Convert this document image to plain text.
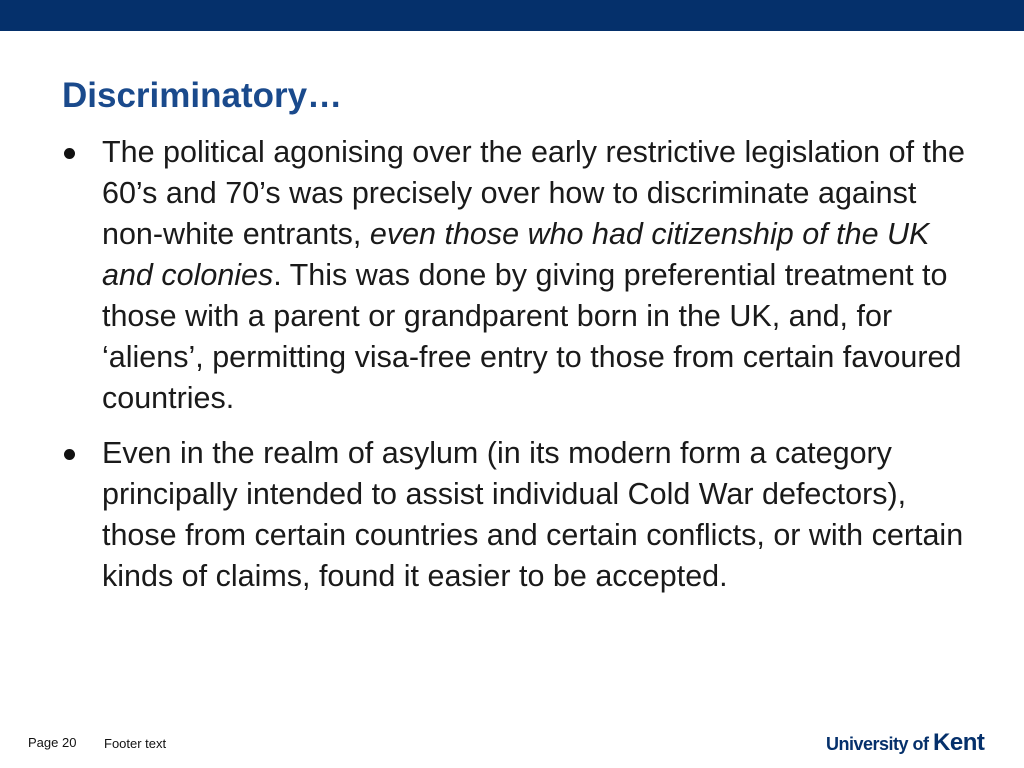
Discriminatory…
The political agonising over the early restrictive legislation of the 60’s and 70’s was precisely over how to discriminate against non-white entrants, even those who had citizenship of the UK and colonies. This was done by giving preferential treatment to those with a parent or grandparent born in the UK, and, for ‘aliens’, permitting visa-free entry to those from certain favoured countries.
Even in the realm of asylum (in its modern form a category principally intended to assist individual Cold War defectors), those from certain countries and certain conflicts, or with certain kinds of claims, found it easier to be accepted.
Page 20 Footer text	University of Kent
